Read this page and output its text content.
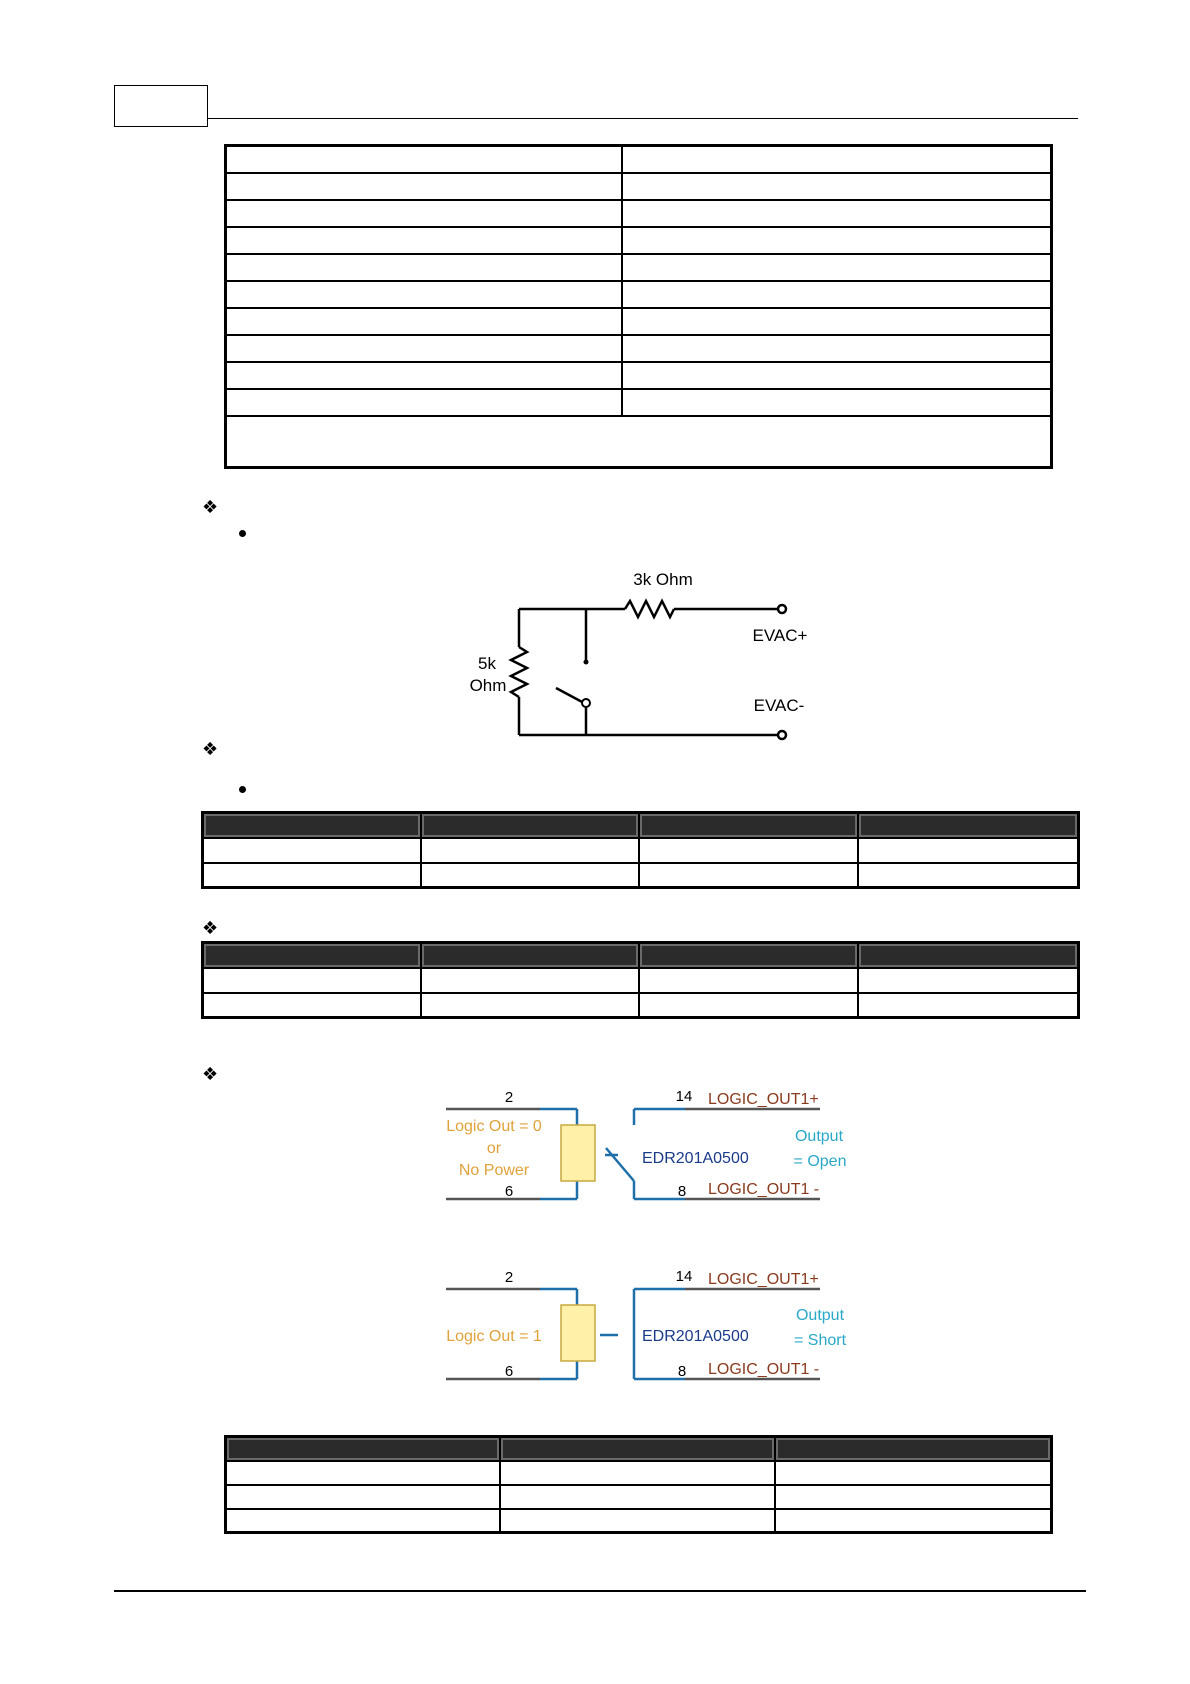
❖
3k Ohm
5k
Ohm
EVAC+
EVAC-
❖

❖

❖
2
6
Logic Out = 0
or
No Power
14
8
LOGIC_OUT1+
LOGIC_OUT1 -
EDR201A0500
Output
= Open
2
6
Logic Out = 1
14
8
LOGIC_OUT1+
LOGIC_OUT1 -
EDR201A0500
Output
= Short
